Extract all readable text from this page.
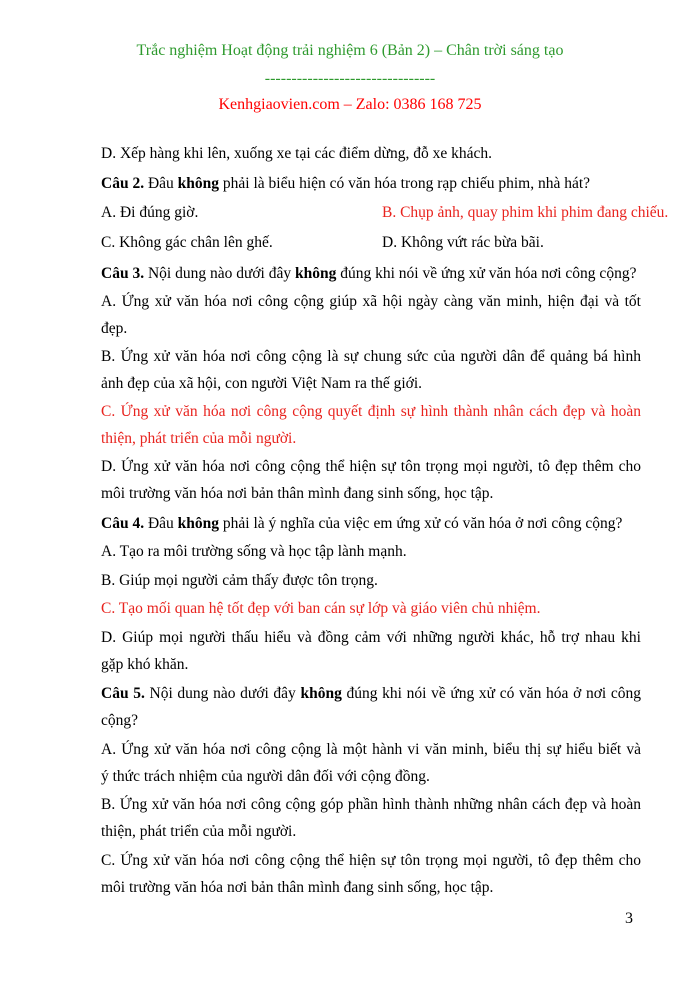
Trắc nghiệm Hoạt động trải nghiệm 6 (Bản 2) – Chân trời sáng tạo
--------------------------------
Kenhgiaovien.com – Zalo: 0386 168 725
D. Xếp hàng khi lên, xuống xe tại các điểm dừng, đỗ xe khách.
Câu 2. Đâu không phải là biểu hiện có văn hóa trong rạp chiếu phim, nhà hát?
A. Đi đúng giờ.	B. Chụp ảnh, quay phim khi phim đang chiếu.
C. Không gác chân lên ghế.	D. Không vứt rác bừa bãi.
Câu 3. Nội dung nào dưới đây không đúng khi nói về ứng xử văn hóa nơi công cộng?
A. Ứng xử văn hóa nơi công cộng giúp xã hội ngày càng văn minh, hiện đại và tốt
đẹp.
B. Ứng xử văn hóa nơi công cộng là sự chung sức của người dân để quảng bá hình
ảnh đẹp của xã hội, con người Việt Nam ra thế giới.
C. Ứng xử văn hóa nơi công cộng quyết định sự hình thành nhân cách đẹp và hoàn
thiện, phát triển của mỗi người.
D. Ứng xử văn hóa nơi công cộng thể hiện sự tôn trọng mọi người, tô đẹp thêm cho
môi trường văn hóa nơi bản thân mình đang sinh sống, học tập.
Câu 4. Đâu không phải là ý nghĩa của việc em ứng xử có văn hóa ở nơi công cộng?
A. Tạo ra môi trường sống và học tập lành mạnh.
B. Giúp mọi người cảm thấy được tôn trọng.
C. Tạo mối quan hệ tốt đẹp với ban cán sự lớp và giáo viên chủ nhiệm.
D. Giúp mọi người thấu hiểu và đồng cảm với những người khác, hỗ trợ nhau khi
gặp khó khăn.
Câu 5. Nội dung nào dưới đây không đúng khi nói về ứng xử có văn hóa ở nơi công
cộng?
A. Ứng xử văn hóa nơi công cộng là một hành vi văn minh, biểu thị sự hiểu biết và
ý thức trách nhiệm của người dân đối với cộng đồng.
B. Ứng xử văn hóa nơi công cộng góp phần hình thành những nhân cách đẹp và hoàn
thiện, phát triển của mỗi người.
C. Ứng xử văn hóa nơi công cộng thể hiện sự tôn trọng mọi người, tô đẹp thêm cho
môi trường văn hóa nơi bản thân mình đang sinh sống, học tập.
3
